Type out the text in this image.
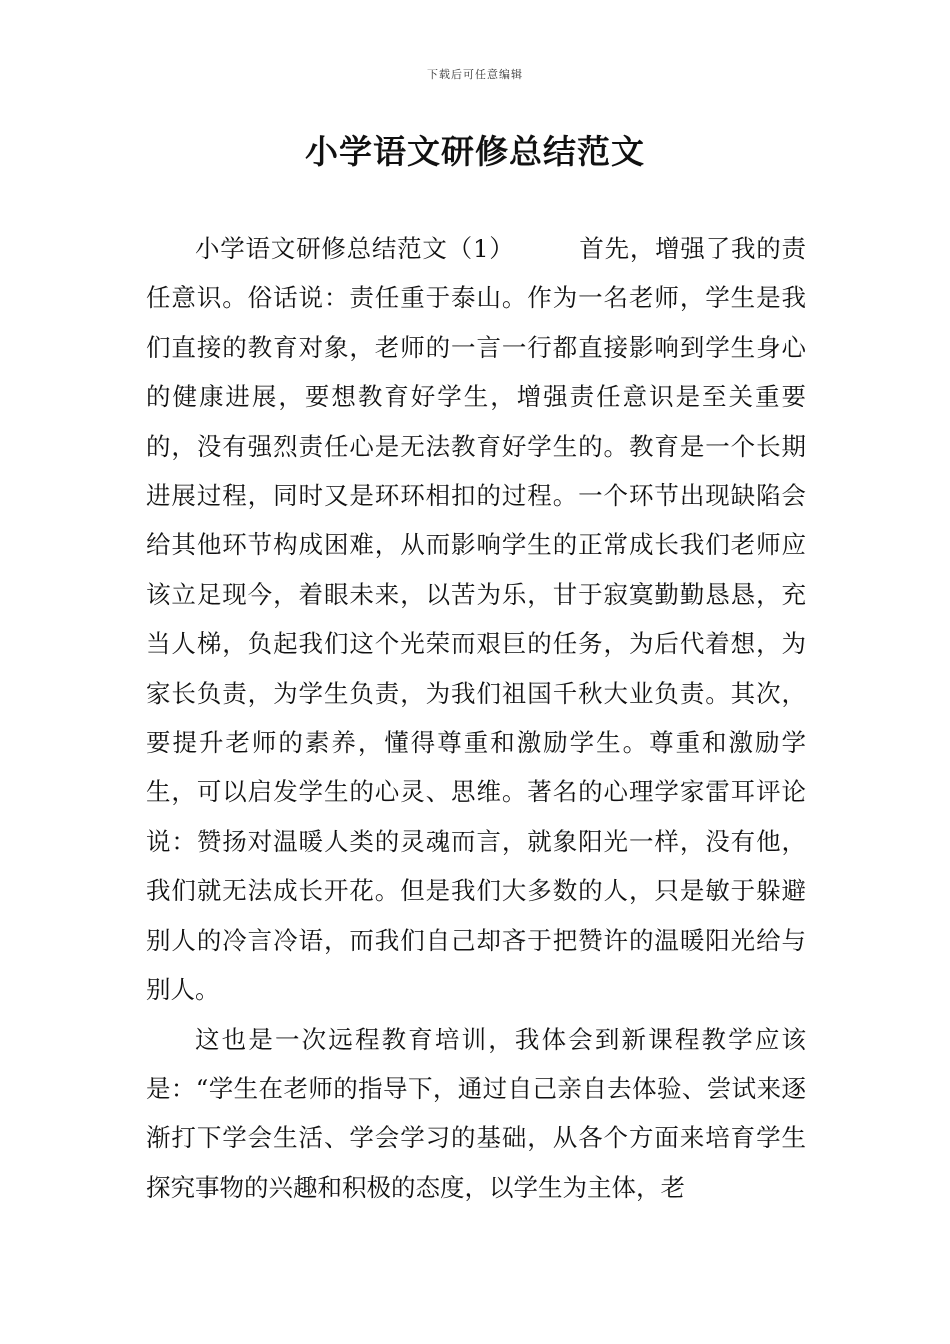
下载后可任意编辑
小学语文研修总结范文

小学语文研修总结范文（1）	首先，增强了我的责任意识。俗话说：责任重于泰山。作为一名老师，学生是我们直接的教育对象，老师的一言一行都直接影响到学生身心的健康进展，要想教育好学生，增强责任意识是至关重要的，没有强烈责任心是无法教育好学生的。教育是一个长期进展过程，同时又是环环相扣的过程。一个环节出现缺陷会给其他环节构成困难，从而影响学生的正常成长我们老师应该立足现今，着眼未来，以苦为乐，甘于寂寞勤勤恳恳，充当人梯，负起我们这个光荣而艰巨的任务，为后代着想，为家长负责，为学生负责，为我们祖国千秋大业负责。其次，要提升老师的素养，懂得尊重和激励学生。尊重和激励学生，可以启发学生的心灵、思维。著名的心理学家雷耳评论说：赞扬对温暖人类的灵魂而言，就象阳光一样，没有他，我们就无法成长开花。但是我们大多数的人，只是敏于躲避别人的冷言冷语，而我们自己却吝于把赞许的温暖阳光给与别人。

这也是一次远程教育培训，我体会到新课程教学应该是：“学生在老师的指导下，通过自己亲自去体验、尝试来逐渐打下学会生活、学会学习的基础，从各个方面来培育学生探究事物的兴趣和积极的态度，以学生为主体，老
